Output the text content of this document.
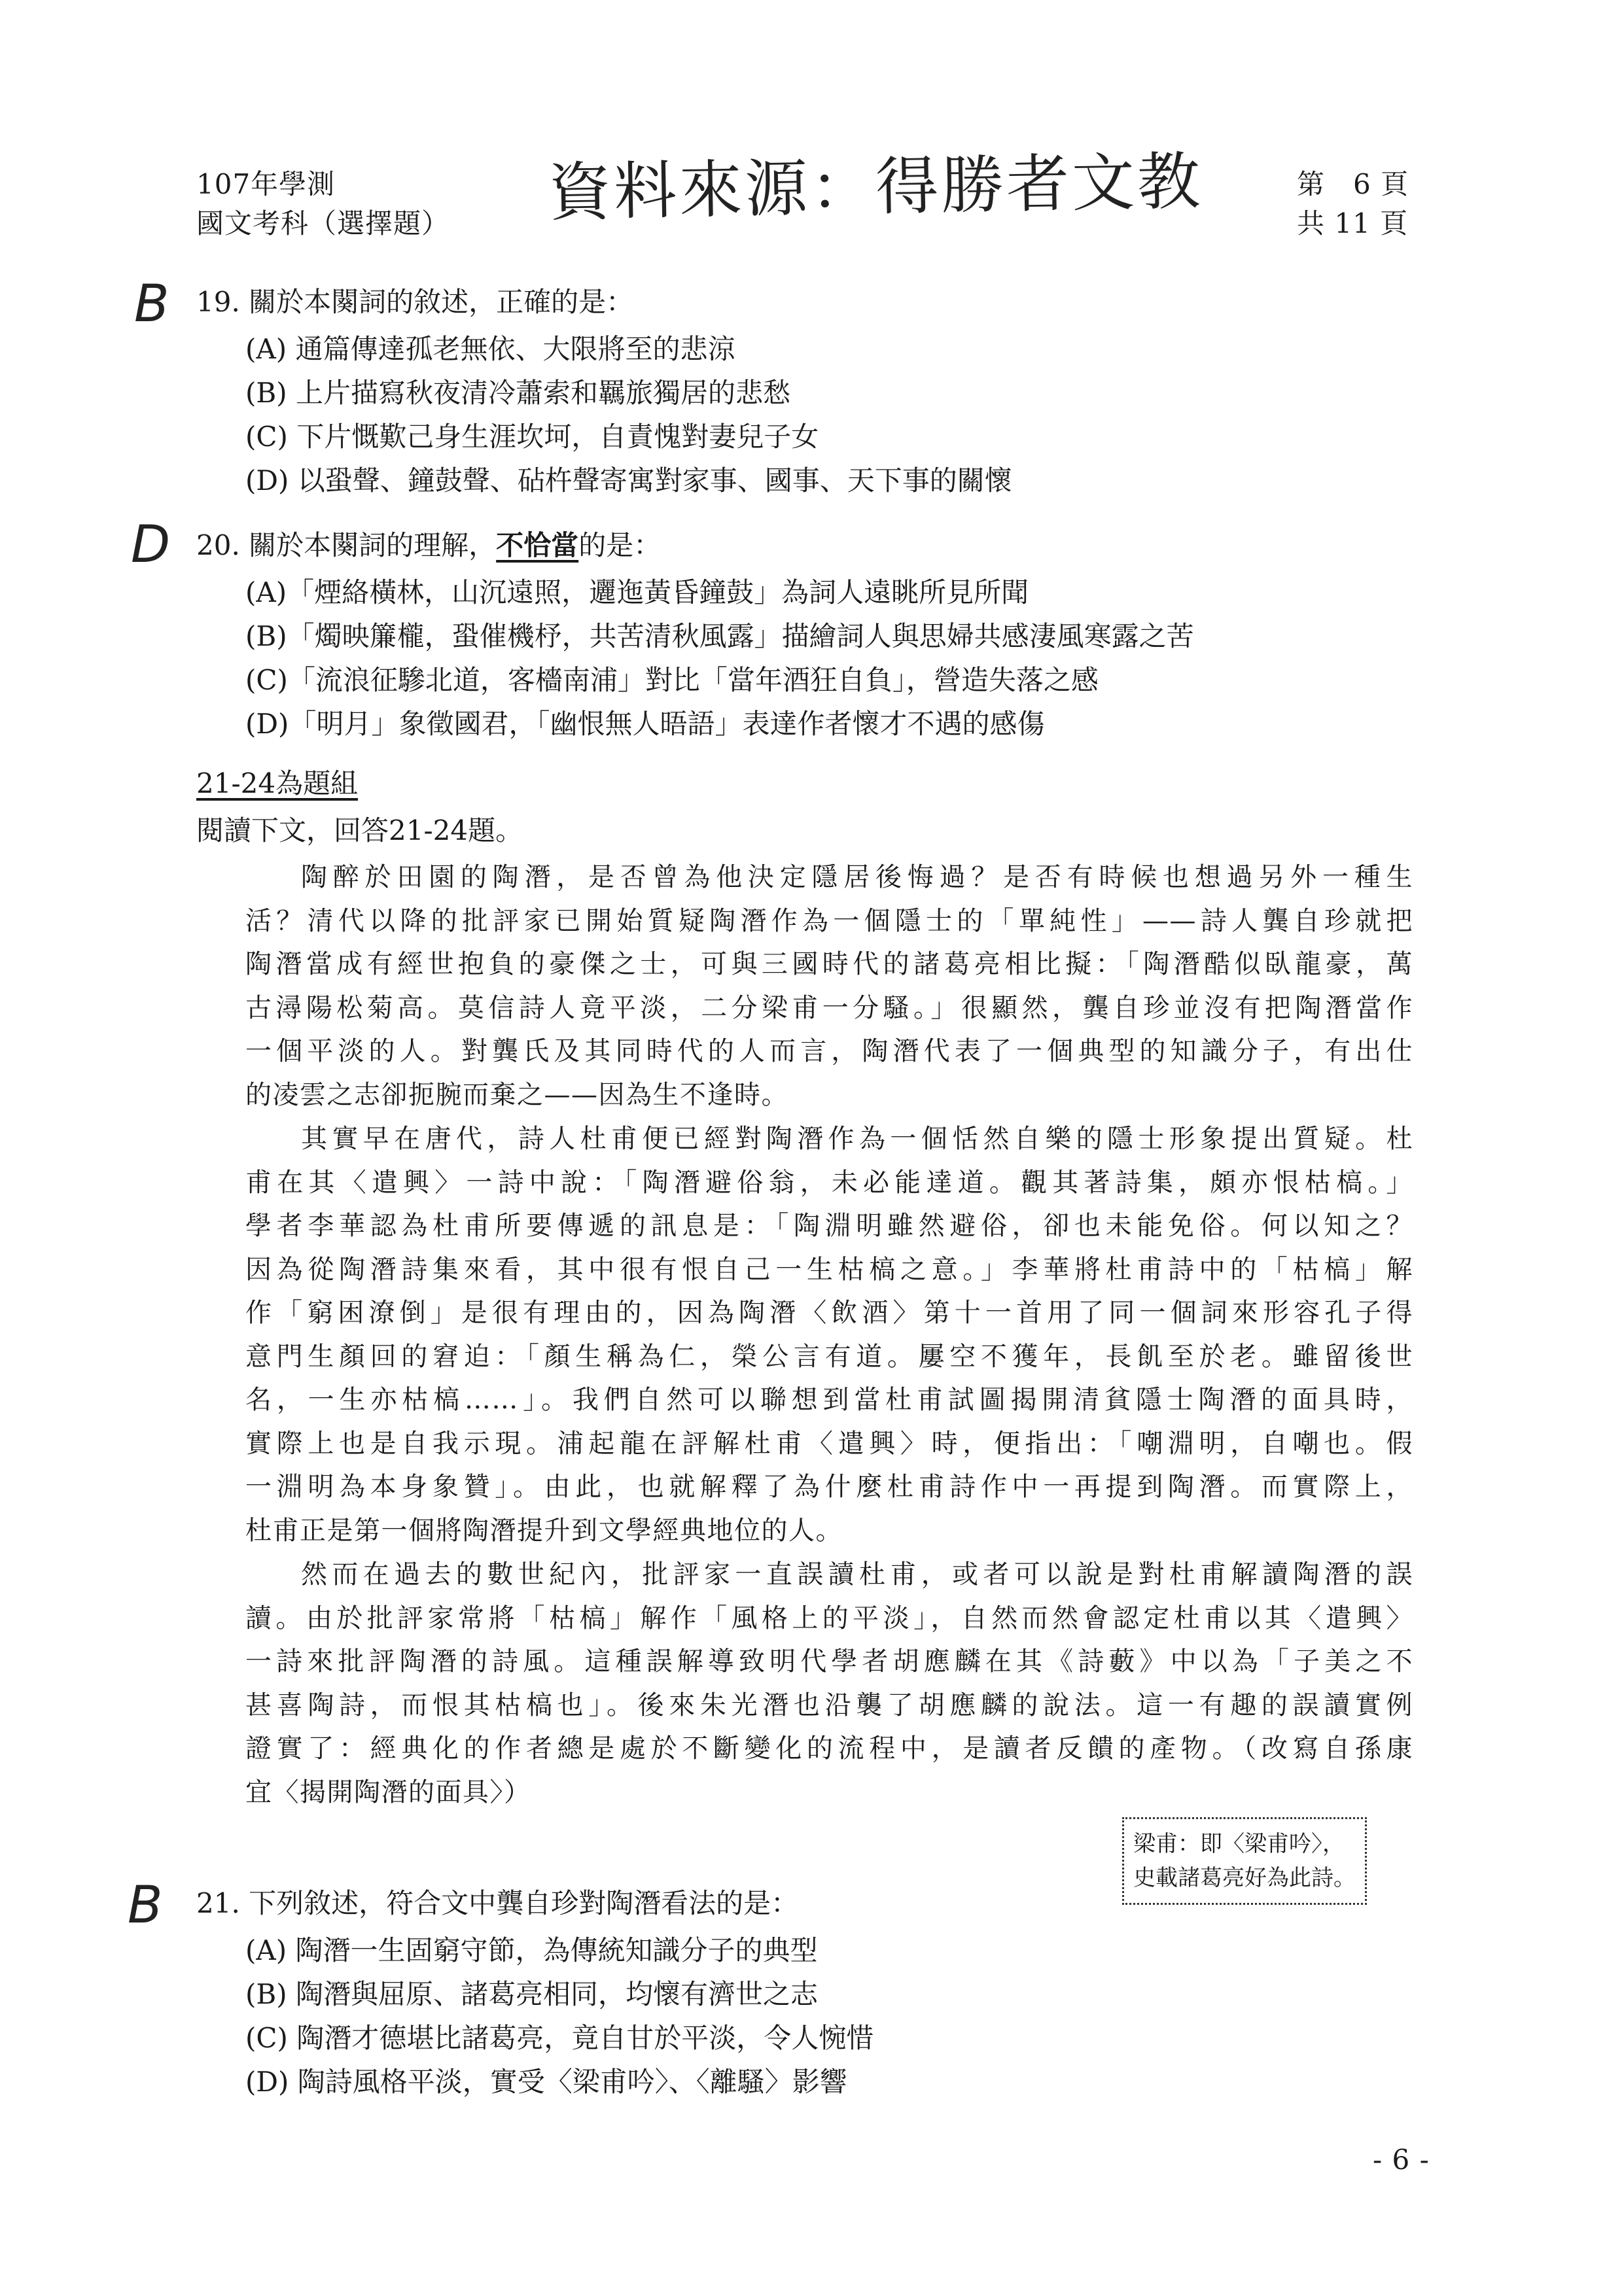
107年學測
國文考科（選擇題） 資料來源：得勝者文教	第　6 頁
共 11 頁
B 19. 關於本闋詞的敘述，正確的是：
(A) 通篇傳達孤老無依、大限將至的悲涼
(B) 上片描寫秋夜清冷蕭索和羈旅獨居的悲愁
(C) 下片慨歎己身生涯坎坷，自責愧對妻兒子女
(D) 以蛩聲、鐘鼓聲、砧杵聲寄寓對家事、國事、天下事的關懷
D 20. 關於本闋詞的理解，不恰當的是：
(A)「煙絡橫林，山沉遠照，邐迤黃昏鐘鼓」為詞人遠眺所見所聞
(B)「燭映簾櫳，蛩催機杼，共苦清秋風露」描繪詞人與思婦共感淒風寒露之苦
(C)「流浪征驂北道，客檣南浦」對比「當年酒狂自負」，營造失落之感
(D)「明月」象徵國君，「幽恨無人晤語」表達作者懷才不遇的感傷
21-24為題組
閱讀下文，回答21-24題。

陶醉於田園的陶潛，是否曾為他決定隱居後悔過？是否有時候也想過另外一種生

活？清代以降的批評家已開始質疑陶潛作為一個隱士的「單純性」——詩人龔自珍就把

陶潛當成有經世抱負的豪傑之士，可與三國時代的諸葛亮相比擬：「陶潛酷似臥龍豪，萬

古潯陽松菊高。莫信詩人竟平淡，二分梁甫一分騷。」很顯然，龔自珍並沒有把陶潛當作

一個平淡的人。對龔氏及其同時代的人而言，陶潛代表了一個典型的知識分子，有出仕

的凌雲之志卻扼腕而棄之——因為生不逢時。

其實早在唐代，詩人杜甫便已經對陶潛作為一個恬然自樂的隱士形象提出質疑。杜

甫在其〈遣興〉一詩中說：「陶潛避俗翁，未必能達道。觀其著詩集，頗亦恨枯槁。」

學者李華認為杜甫所要傳遞的訊息是：「陶淵明雖然避俗，卻也未能免俗。何以知之？

因為從陶潛詩集來看，其中很有恨自己一生枯槁之意。」李華將杜甫詩中的「枯槁」解

作「窮困潦倒」是很有理由的，因為陶潛〈飲酒〉第十一首用了同一個詞來形容孔子得

意門生顏回的窘迫：「顏生稱為仁，榮公言有道。屢空不獲年，長飢至於老。雖留後世

名，一生亦枯槁……」。我們自然可以聯想到當杜甫試圖揭開清貧隱士陶潛的面具時，

實際上也是自我示現。浦起龍在評解杜甫〈遣興〉時，便指出：「嘲淵明，自嘲也。假

一淵明為本身象贊」。由此，也就解釋了為什麼杜甫詩作中一再提到陶潛。而實際上，

杜甫正是第一個將陶潛提升到文學經典地位的人。

然而在過去的數世紀內，批評家一直誤讀杜甫，或者可以說是對杜甫解讀陶潛的誤

讀。由於批評家常將「枯槁」解作「風格上的平淡」，自然而然會認定杜甫以其〈遣興〉

一詩來批評陶潛的詩風。這種誤解導致明代學者胡應麟在其《詩藪》中以為「子美之不

甚喜陶詩，而恨其枯槁也」。後來朱光潛也沿襲了胡應麟的說法。這一有趣的誤讀實例

證實了：經典化的作者總是處於不斷變化的流程中，是讀者反饋的產物。（改寫自孫康

宜〈揭開陶潛的面具〉）

梁甫：即〈梁甫吟〉，
史載諸葛亮好為此詩。
B 21. 下列敘述，符合文中龔自珍對陶潛看法的是：
(A) 陶潛一生固窮守節，為傳統知識分子的典型
(B) 陶潛與屈原、諸葛亮相同，均懷有濟世之志
(C) 陶潛才德堪比諸葛亮，竟自甘於平淡，令人惋惜
(D) 陶詩風格平淡，實受〈梁甫吟〉、〈離騷〉影響
- 6 -
